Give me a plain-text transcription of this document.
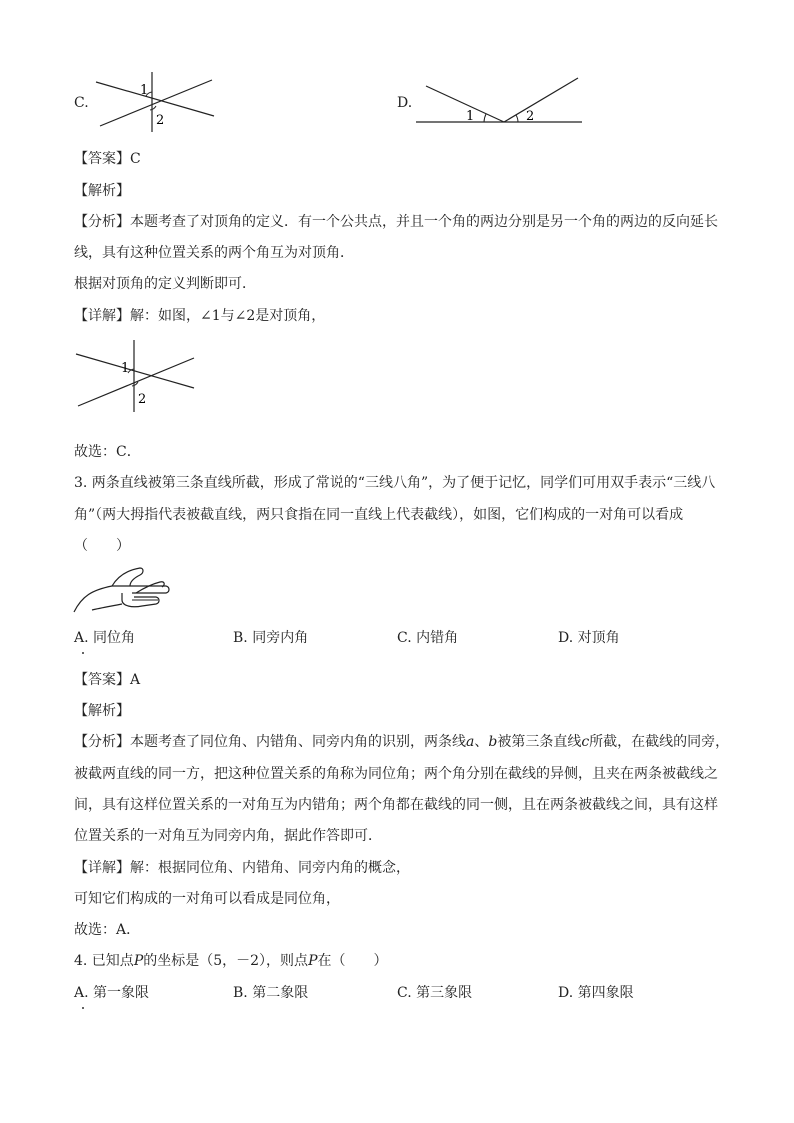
C.
1
2
D.
1	2
【答案】C
【解析】
【分析】本题考查了对顶角的定义．有一个公共点，并且一个角的两边分别是另一个角的两边的反向延长
线，具有这种位置关系的两个角互为对顶角．
根据对顶角的定义判断即可．
【详解】解：如图，∠1与∠2是对顶角，
1
2
故选：C．
3. 两条直线被第三条直线所截，形成了常说的“三线八角”，为了便于记忆，同学们可用双手表示“三线八
角”（两大拇指代表被截直线，两只食指在同一直线上代表截线），如图，它们构成的一对角可以看成
（　　）
A. 同位角	B. 同旁内角	C. 内错角	D. 对顶角
【答案】A
【解析】
【分析】本题考查了同位角、内错角、同旁内角的识别，两条线a、b被第三条直线c所截，在截线的同旁，
被截两直线的同一方，把这种位置关系的角称为同位角；两个角分别在截线的异侧，且夹在两条被截线之
间，具有这样位置关系的一对角互为内错角；两个角都在截线的同一侧，且在两条被截线之间，具有这样
位置关系的一对角互为同旁内角，据此作答即可．
【详解】解：根据同位角、内错角、同旁内角的概念，
可知它们构成的一对角可以看成是同位角，
故选：A．
4. 已知点P的坐标是（5，－2），则点P在（　　）
A. 第一象限	B. 第二象限	C. 第三象限	D. 第四象限
